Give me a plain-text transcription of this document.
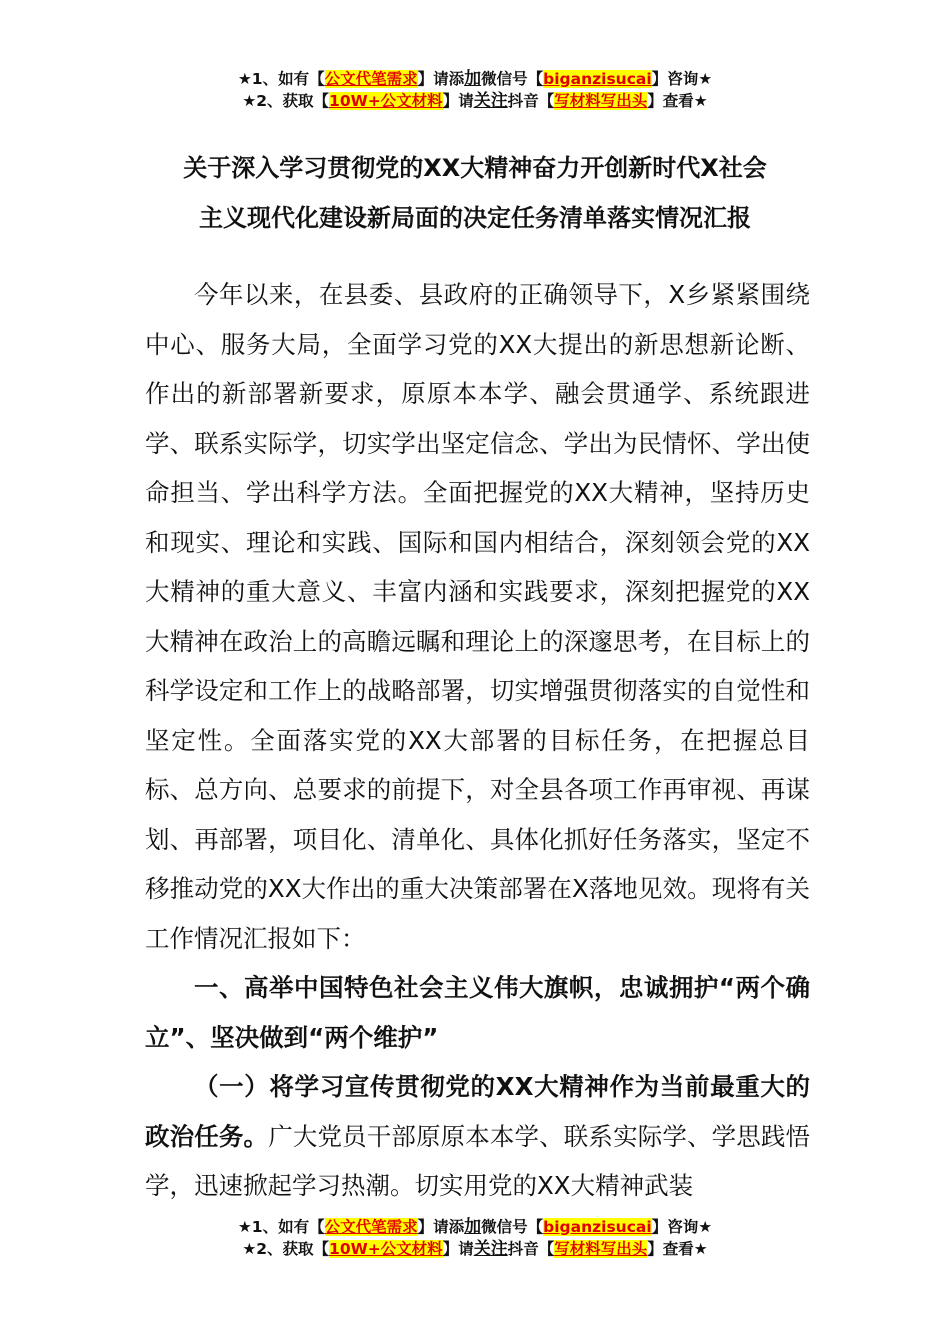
★1、如有【公文代笔需求】请添加微信号【biganzisucai】咨询★
★2、获取【10W+公文材料】请关注抖音【写材料写出头】查看★
关于深入学习贯彻党的XX大精神奋力开创新时代X社会
主义现代化建设新局面的决定任务清单落实情况汇报

今年以来，在县委、县政府的正确领导下，X乡紧紧围绕中心、服务大局，全面学习党的XX大提出的新思想新论断、作出的新部署新要求，原原本本学、融会贯通学、系统跟进学、联系实际学，切实学出坚定信念、学出为民情怀、学出使命担当、学出科学方法。全面把握党的XX大精神，坚持历史和现实、理论和实践、国际和国内相结合，深刻领会党的XX大精神的重大意义、丰富内涵和实践要求，深刻把握党的XX大精神在政治上的高瞻远瞩和理论上的深邃思考，在目标上的科学设定和工作上的战略部署，切实增强贯彻落实的自觉性和坚定性。全面落实党的XX大部署的目标任务，在把握总目标、总方向、总要求的前提下，对全县各项工作再审视、再谋划、再部署，项目化、清单化、具体化抓好任务落实，坚定不移推动党的XX大作出的重大决策部署在X落地见效。现将有关工作情况汇报如下：

一、高举中国特色社会主义伟大旗帜，忠诚拥护“两个确立”、坚决做到“两个维护”

（一）将学习宣传贯彻党的XX大精神作为当前最重大的政治任务。广大党员干部原原本本学、联系实际学、学思践悟学，迅速掀起学习热潮。切实用党的XX大精神武装

★1、如有【公文代笔需求】请添加微信号【biganzisucai】咨询★
★2、获取【10W+公文材料】请关注抖音【写材料写出头】查看★
